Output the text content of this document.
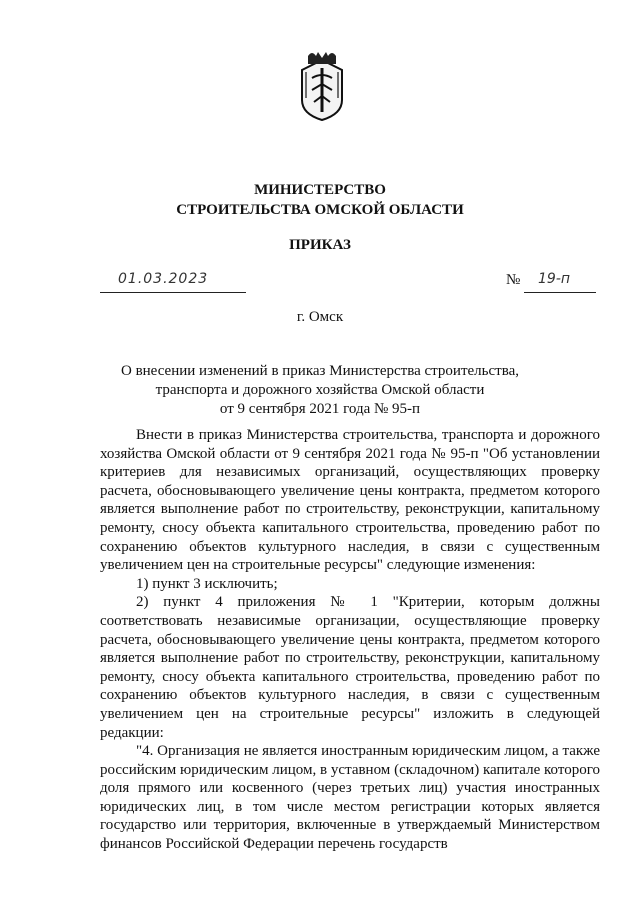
МИНИСТЕРСТВО
СТРОИТЕЛЬСТВА ОМСКОЙ ОБЛАСТИ
ПРИКАЗ
01.03.2023	№ 19-п
г. Омск
О внесении изменений в приказ Министерства строительства,
транспорта и дорожного хозяйства Омской области
от 9 сентября 2021 года № 95-п

Внести в приказ Министерства строительства, транспорта и дорожного хозяйства Омской области от 9 сентября 2021 года № 95-п "Об установлении критериев для независимых организаций, осуществляющих проверку расчета, обосновывающего увеличение цены контракта, предметом которого является выполнение работ по строительству, реконструкции, капитальному ремонту, сносу объекта капитального строительства, проведению работ по сохранению объектов культурного наследия, в связи с существенным увеличением цен на строительные ресурсы" следующие изменения:

1) пункт 3 исключить;

2) пункт 4 приложения № 1 "Критерии, которым должны соответствовать независимые организации, осуществляющие проверку расчета, обосновывающего увеличение цены контракта, предметом которого является выполнение работ по строительству, реконструкции, капитальному ремонту, сносу объекта капитального строительства, проведению работ по сохранению объектов культурного наследия, в связи с существенным увеличением цен на строительные ресурсы" изложить в следующей редакции:

"4. Организация не является иностранным юридическим лицом, а также российским юридическим лицом, в уставном (складочном) капитале которого доля прямого или косвенного (через третьих лиц) участия иностранных юридических лиц, в том числе местом регистрации которых является государство или территория, включенные в утверждаемый Министерством финансов Российской Федерации перечень государств
